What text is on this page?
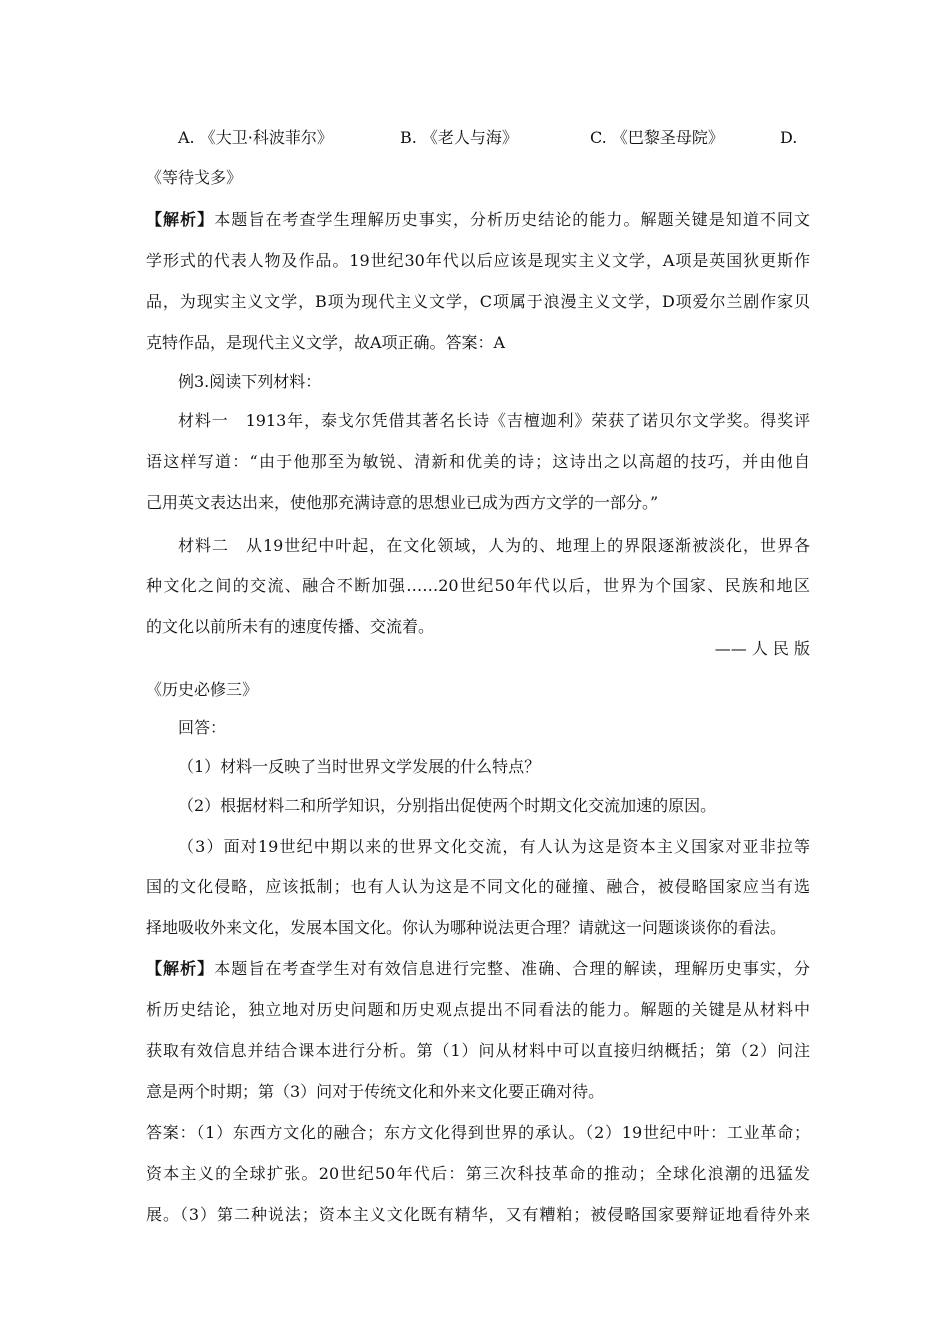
A. 《大卫·科波菲尔》	B. 《老人与海》	C. 《巴黎圣母院》	D.
《等待戈多》
【解析】本题旨在考查学生理解历史事实，分析历史结论的能力。解题关键是知道不同文
学形式的代表人物及作品。19世纪30年代以后应该是现实主义文学，A项是英国狄更斯作
品，为现实主义文学，B项为现代主义文学，C项属于浪漫主义文学，D项爱尔兰剧作家贝
克特作品，是现代主义文学，故A项正确。答案：A
例3.阅读下列材料：
材料一　1913年，泰戈尔凭借其著名长诗《吉檀迦利》荣获了诺贝尔文学奖。得奖评
语这样写道：“由于他那至为敏锐、清新和优美的诗；这诗出之以高超的技巧，并由他自
己用英文表达出来，使他那充满诗意的思想业已成为西方文学的一部分。”
材料二　从19世纪中叶起，在文化领域，人为的、地理上的界限逐渐被淡化，世界各
种文化之间的交流、融合不断加强……20世纪50年代以后，世界为个国家、民族和地区
的文化以前所未有的速度传播、交流着。
—— 人 民 版
《历史必修三》
回答：
（1）材料一反映了当时世界文学发展的什么特点？
（2）根据材料二和所学知识，分别指出促使两个时期文化交流加速的原因。
（3）面对19世纪中期以来的世界文化交流，有人认为这是资本主义国家对亚非拉等
国的文化侵略，应该抵制；也有人认为这是不同文化的碰撞、融合，被侵略国家应当有选
择地吸收外来文化，发展本国文化。你认为哪种说法更合理？请就这一问题谈谈你的看法。
【解析】本题旨在考查学生对有效信息进行完整、准确、合理的解读，理解历史事实，分
析历史结论，独立地对历史问题和历史观点提出不同看法的能力。解题的关键是从材料中
获取有效信息并结合课本进行分析。第（1）问从材料中可以直接归纳概括；第（2）问注
意是两个时期；第（3）问对于传统文化和外来文化要正确对待。
答案：（1）东西方文化的融合；东方文化得到世界的承认。（2）19世纪中叶：工业革命；
资本主义的全球扩张。20世纪50年代后：第三次科技革命的推动；全球化浪潮的迅猛发
展。（3）第二种说法；资本主义文化既有精华，又有糟粕；被侵略国家要辩证地看待外来
